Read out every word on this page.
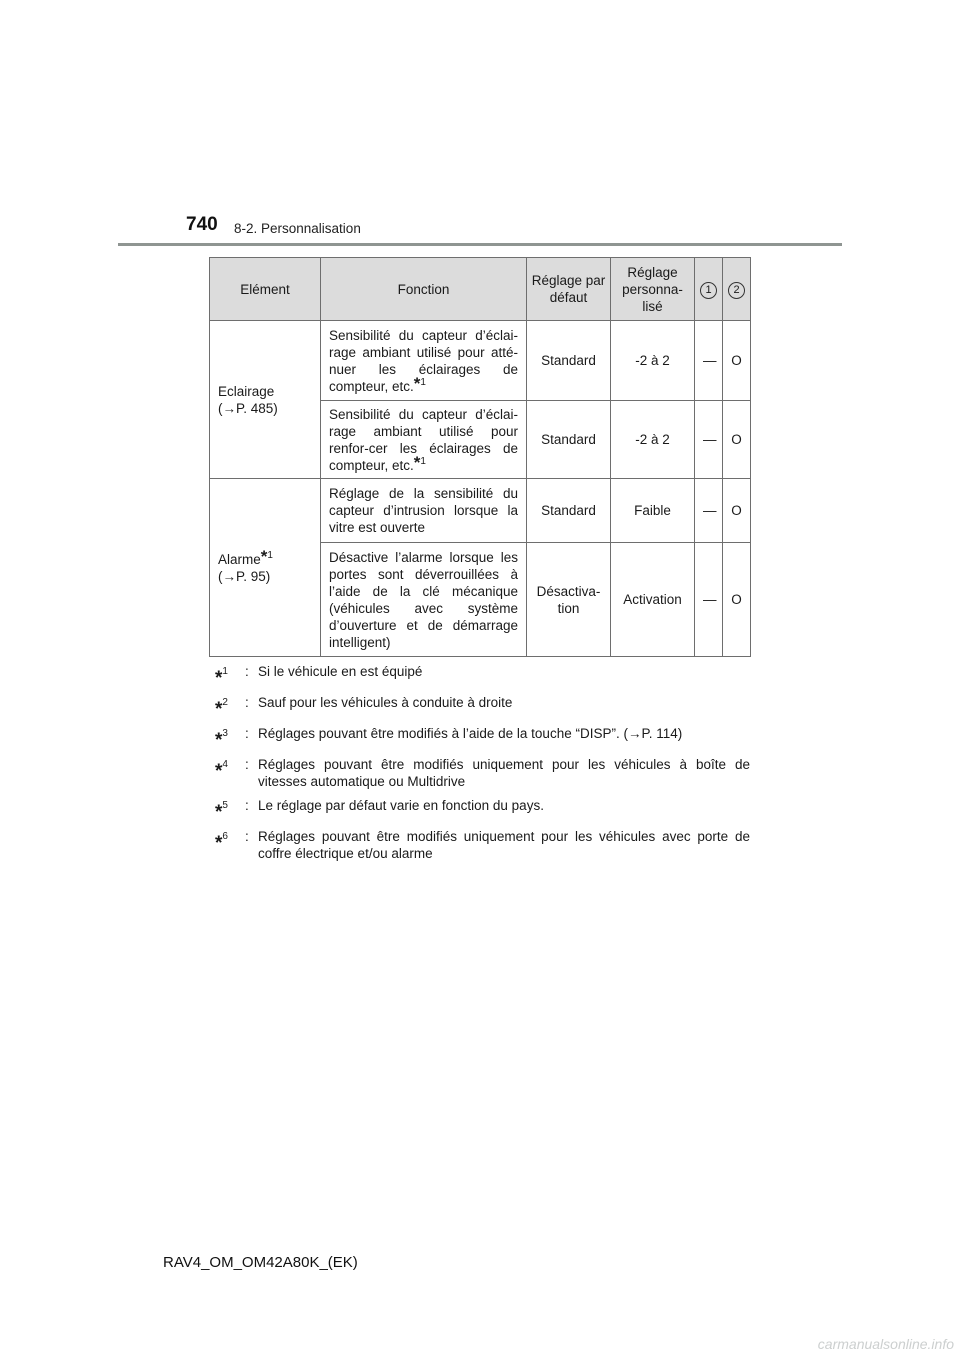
740 8-2. Personnalisation
Elément	Fonction	Réglage par défaut	Réglage personna-lisé	1	2

Eclairage
(→P. 485)	Sensibilité du capteur d’éclai-rage ambiant utilisé pour atté-nuer les éclairages de compteur, etc.$^{*1}$	Standard	-2 à 2	—	O
	Sensibilité du capteur d’éclai-rage ambiant utilisé pour renfor-cer les éclairages de compteur, etc.$^{*1}$	Standard	-2 à 2	—	O

Alarme$^{*1}$
(→P. 95)	Réglage de la sensibilité du capteur d’intrusion lorsque la vitre est ouverte	Standard	Faible	—	O
	Désactive l’alarme lorsque les portes sont déverrouillées à l’aide de la clé mécanique (véhicules avec système d’ouverture et de démarrage intelligent)	Désactiva-tion	Activation	—	O
*$^1$	: Si le véhicule en est équipé
*$^2$	: Sauf pour les véhicules à conduite à droite
*$^3$	: Réglages pouvant être modifiés à l’aide de la touche “DISP”. (→P. 114)
*$^4$	: Réglages pouvant être modifiés uniquement pour les véhicules à boîte de vitesses automatique ou Multidrive
*$^5$	: Le réglage par défaut varie en fonction du pays.
*$^6$	: Réglages pouvant être modifiés uniquement pour les véhicules avec porte de coffre électrique et/ou alarme
RAV4_OM_OM42A80K_(EK)
carmanualsonline.info
